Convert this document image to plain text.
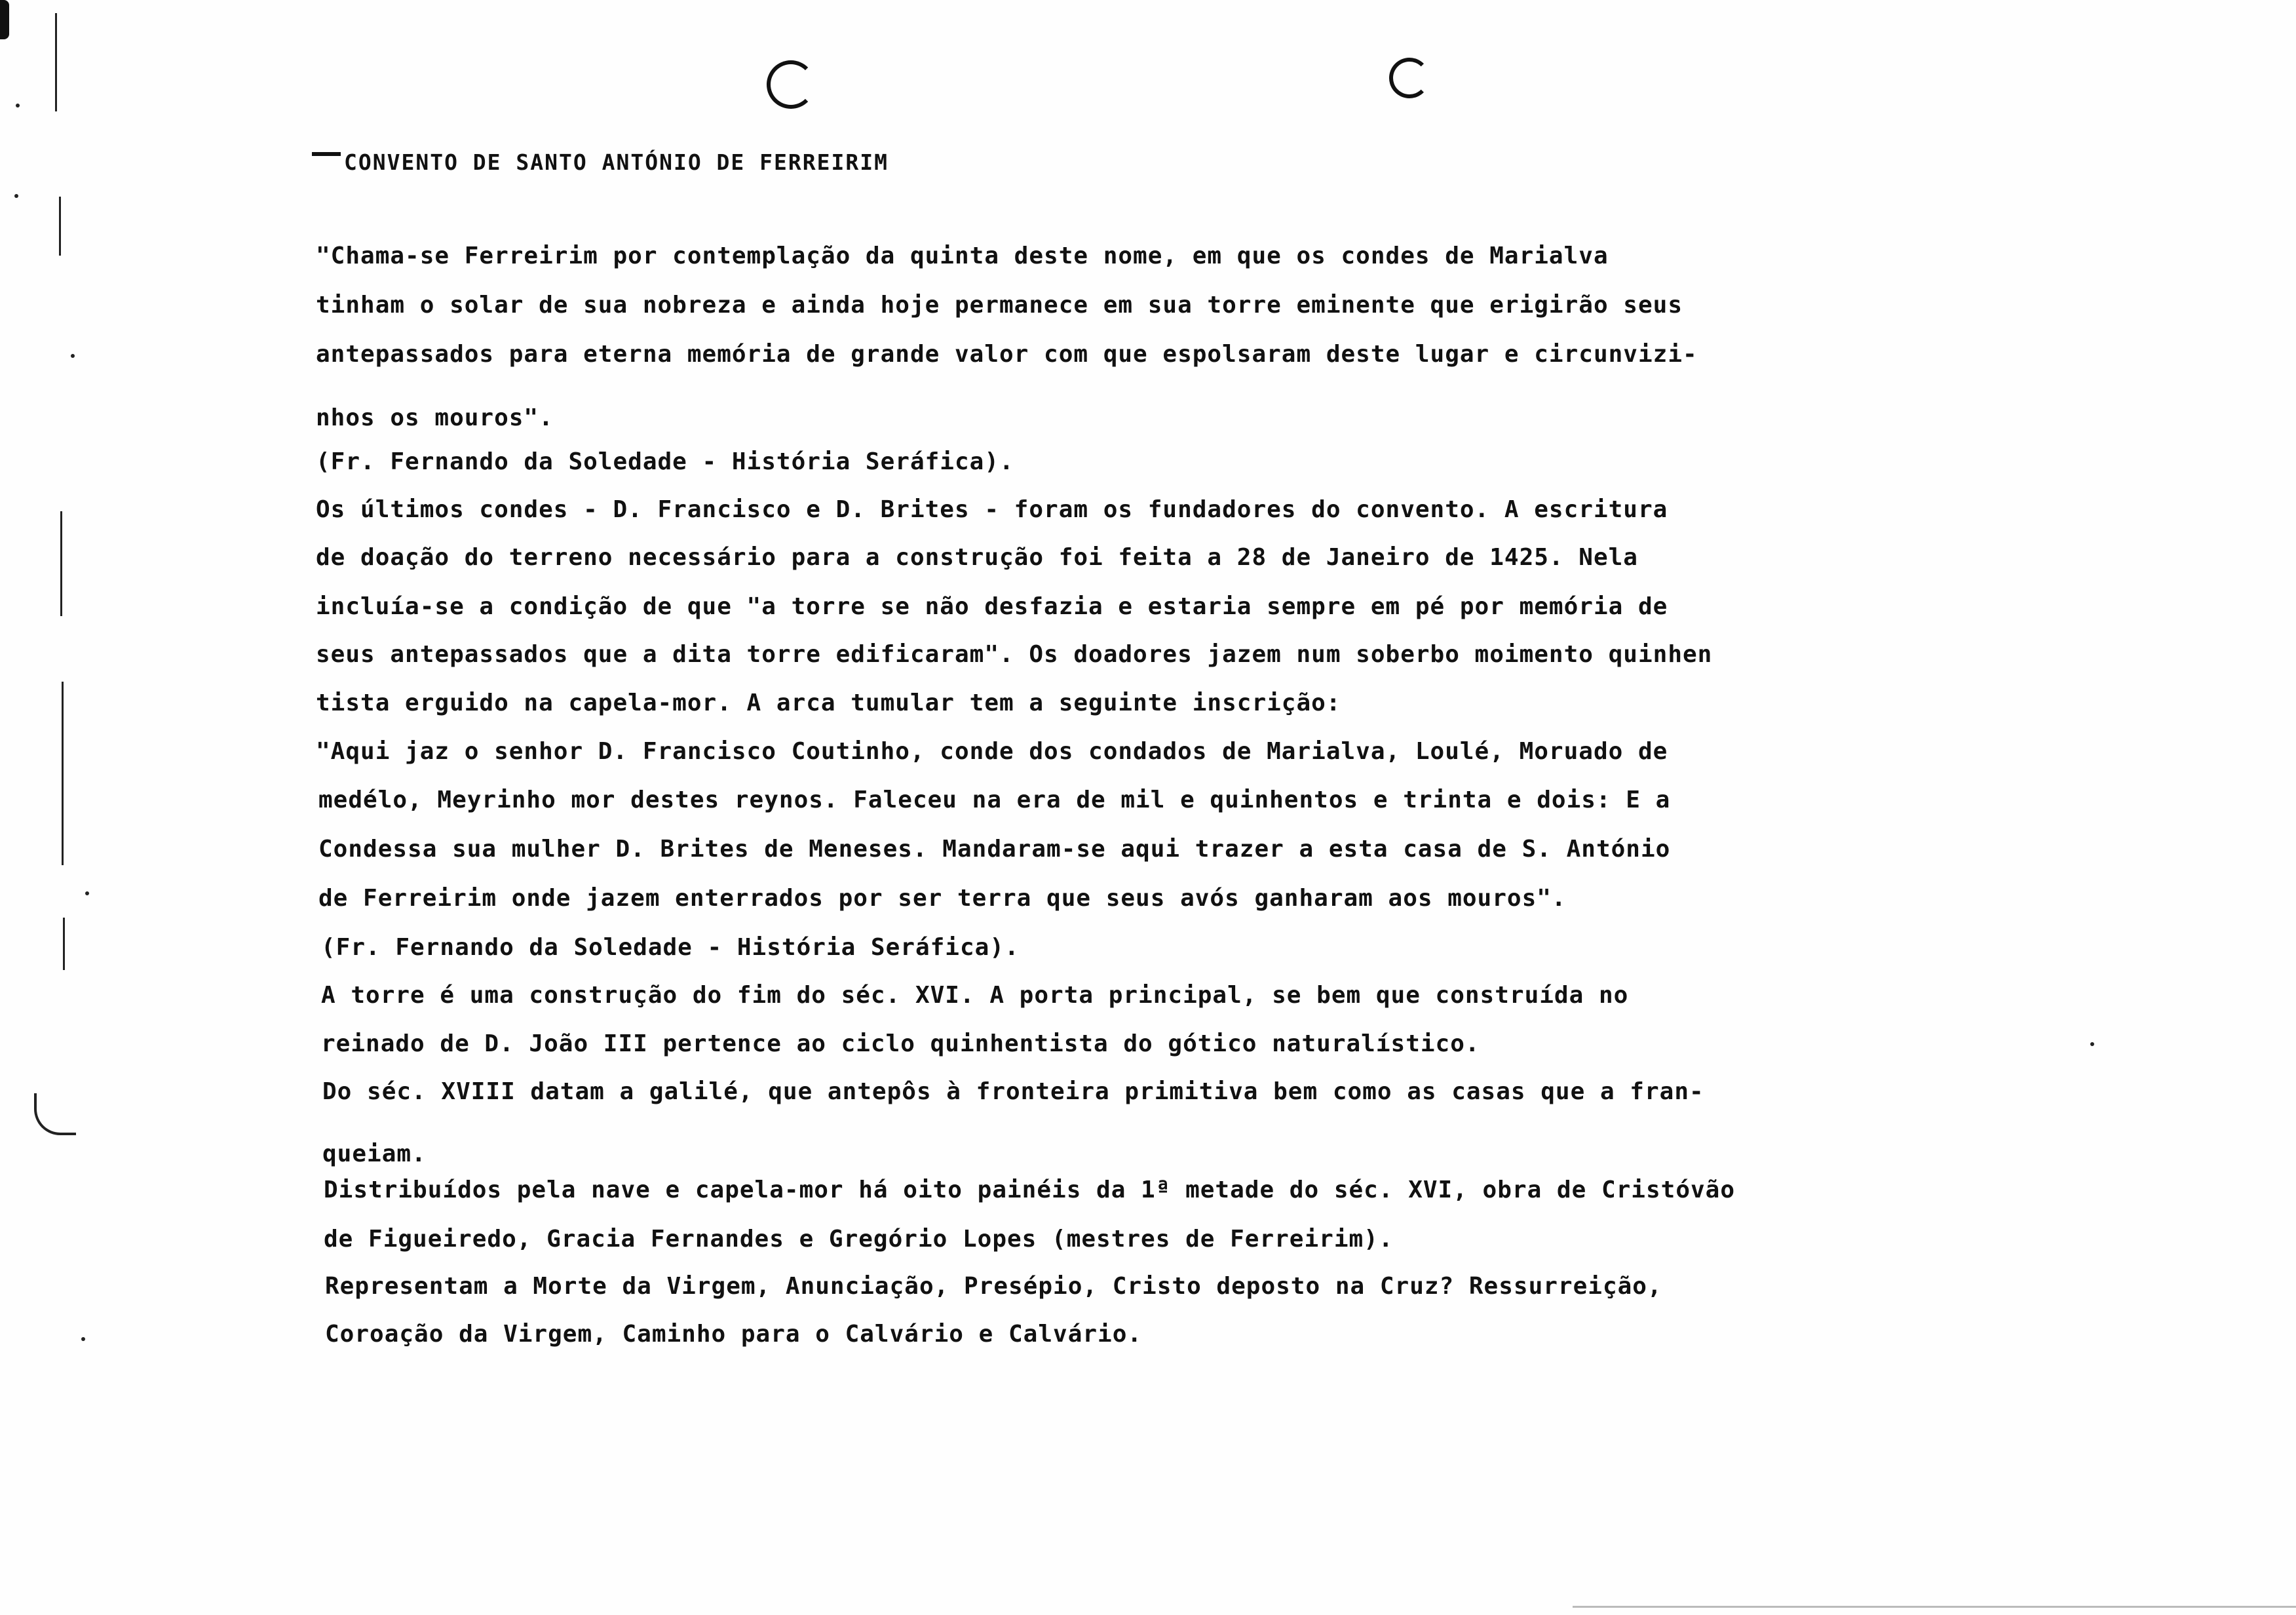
CONVENTO DE SANTO ANTÓNIO DE FERREIRIM
"Chama-se Ferreirim por contemplação da quinta deste nome, em que os condes de Marialva
tinham o solar de sua nobreza e ainda hoje permanece em sua torre eminente que erigirão seus
antepassados para eterna memória de grande valor com que espolsaram deste lugar e circunvizi-
nhos os mouros".
(Fr. Fernando da Soledade - História Seráfica).
Os últimos condes - D. Francisco e D. Brites - foram os fundadores do convento. A escritura
de doação do terreno necessário para a construção foi feita a 28 de Janeiro de 1425. Nela
incluía-se a condição de que "a torre se não desfazia e estaria sempre em pé por memória de
seus antepassados que a dita torre edificaram". Os doadores jazem num soberbo moimento quinhen
tista erguido na capela-mor. A arca tumular tem a seguinte inscrição:
"Aqui jaz o senhor D. Francisco Coutinho, conde dos condados de Marialva, Loulé, Moruado de
medélo, Meyrinho mor destes reynos. Faleceu na era de mil e quinhentos e trinta e dois: E a
Condessa sua mulher D. Brites de Meneses. Mandaram-se aqui trazer a esta casa de S. António
de Ferreirim onde jazem enterrados por ser terra que seus avós ganharam aos mouros".
(Fr. Fernando da Soledade - História Seráfica).
A torre é uma construção do fim do séc. XVI. A porta principal, se bem que construída no
reinado de D. João III pertence ao ciclo quinhentista do gótico naturalístico.
Do séc. XVIII datam a galilé, que antepôs à fronteira primitiva bem como as casas que a fran-
queiam.
Distribuídos pela nave e capela-mor há oito painéis da 1ª metade do séc. XVI, obra de Cristóvão
de Figueiredo, Gracia Fernandes e Gregório Lopes (mestres de Ferreirim).
Representam a Morte da Virgem, Anunciação, Presépio, Cristo deposto na Cruz? Ressurreição,
Coroação da Virgem, Caminho para o Calvário e Calvário.
